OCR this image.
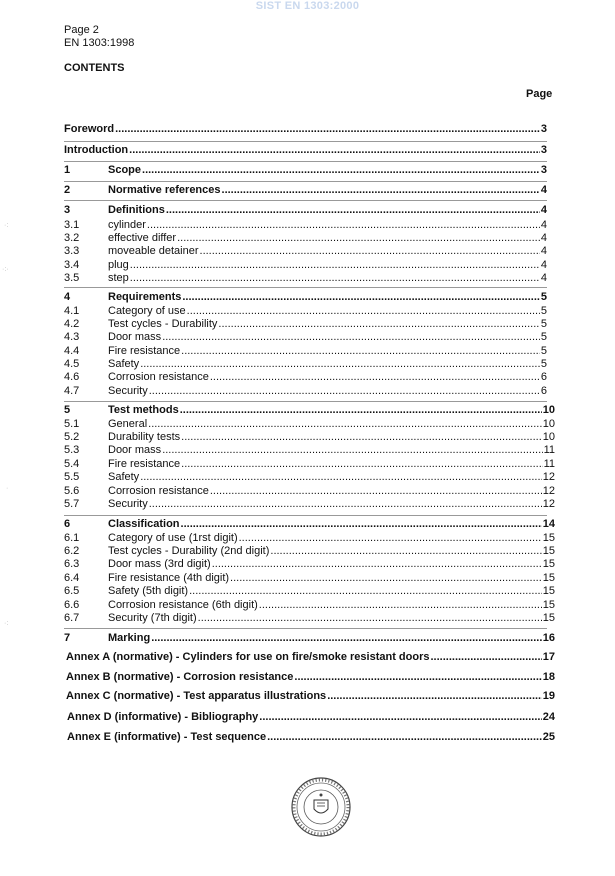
SIST EN 1303:2000
Page 2
EN 1303:1998
CONTENTS
Page
Foreword .....	3
Introduction .....	3
1	Scope .....	3
2	Normative references .....	4
3	Definitions .....	4
3.1	cylinder .....	4
3.2	effective differ .....	4
3.3	moveable detainer .....	4
3.4	plug .....	4
3.5	step .....	4
4	Requirements .....	5
4.1	Category of use .....	5
4.2	Test cycles - Durability .....	5
4.3	Door mass .....	5
4.4	Fire resistance .....	5
4.5	Safety .....	5
4.6	Corrosion resistance .....	6
4.7	Security .....	6
5	Test methods .....	10
5.1	General .....	10
5.2	Durability tests .....	10
5.3	Door mass .....	11
5.4	Fire resistance .....	11
5.5	Safety .....	12
5.6	Corrosion resistance .....	12
5.7	Security .....	12
6	Classification .....	14
6.1	Category of use (1rst digit) .....	15
6.2	Test cycles - Durability (2nd digit) .....	15
6.3	Door mass (3rd digit) .....	15
6.4	Fire resistance (4th digit) .....	15
6.5	Safety (5th digit) .....	15
6.6	Corrosion resistance (6th digit) .....	15
6.7	Security (7th digit) .....	15
7	Marking .....	16
Annex A (normative) - Cylinders for use on fire/smoke resistant doors .....	17
Annex B (normative) - Corrosion resistance .....	18
Annex C (normative) - Test apparatus illustrations .....	19
Annex D (informative) - Bibliography .....	24
Annex E (informative) - Test sequence .....	25
·:
·:·
·
·:
